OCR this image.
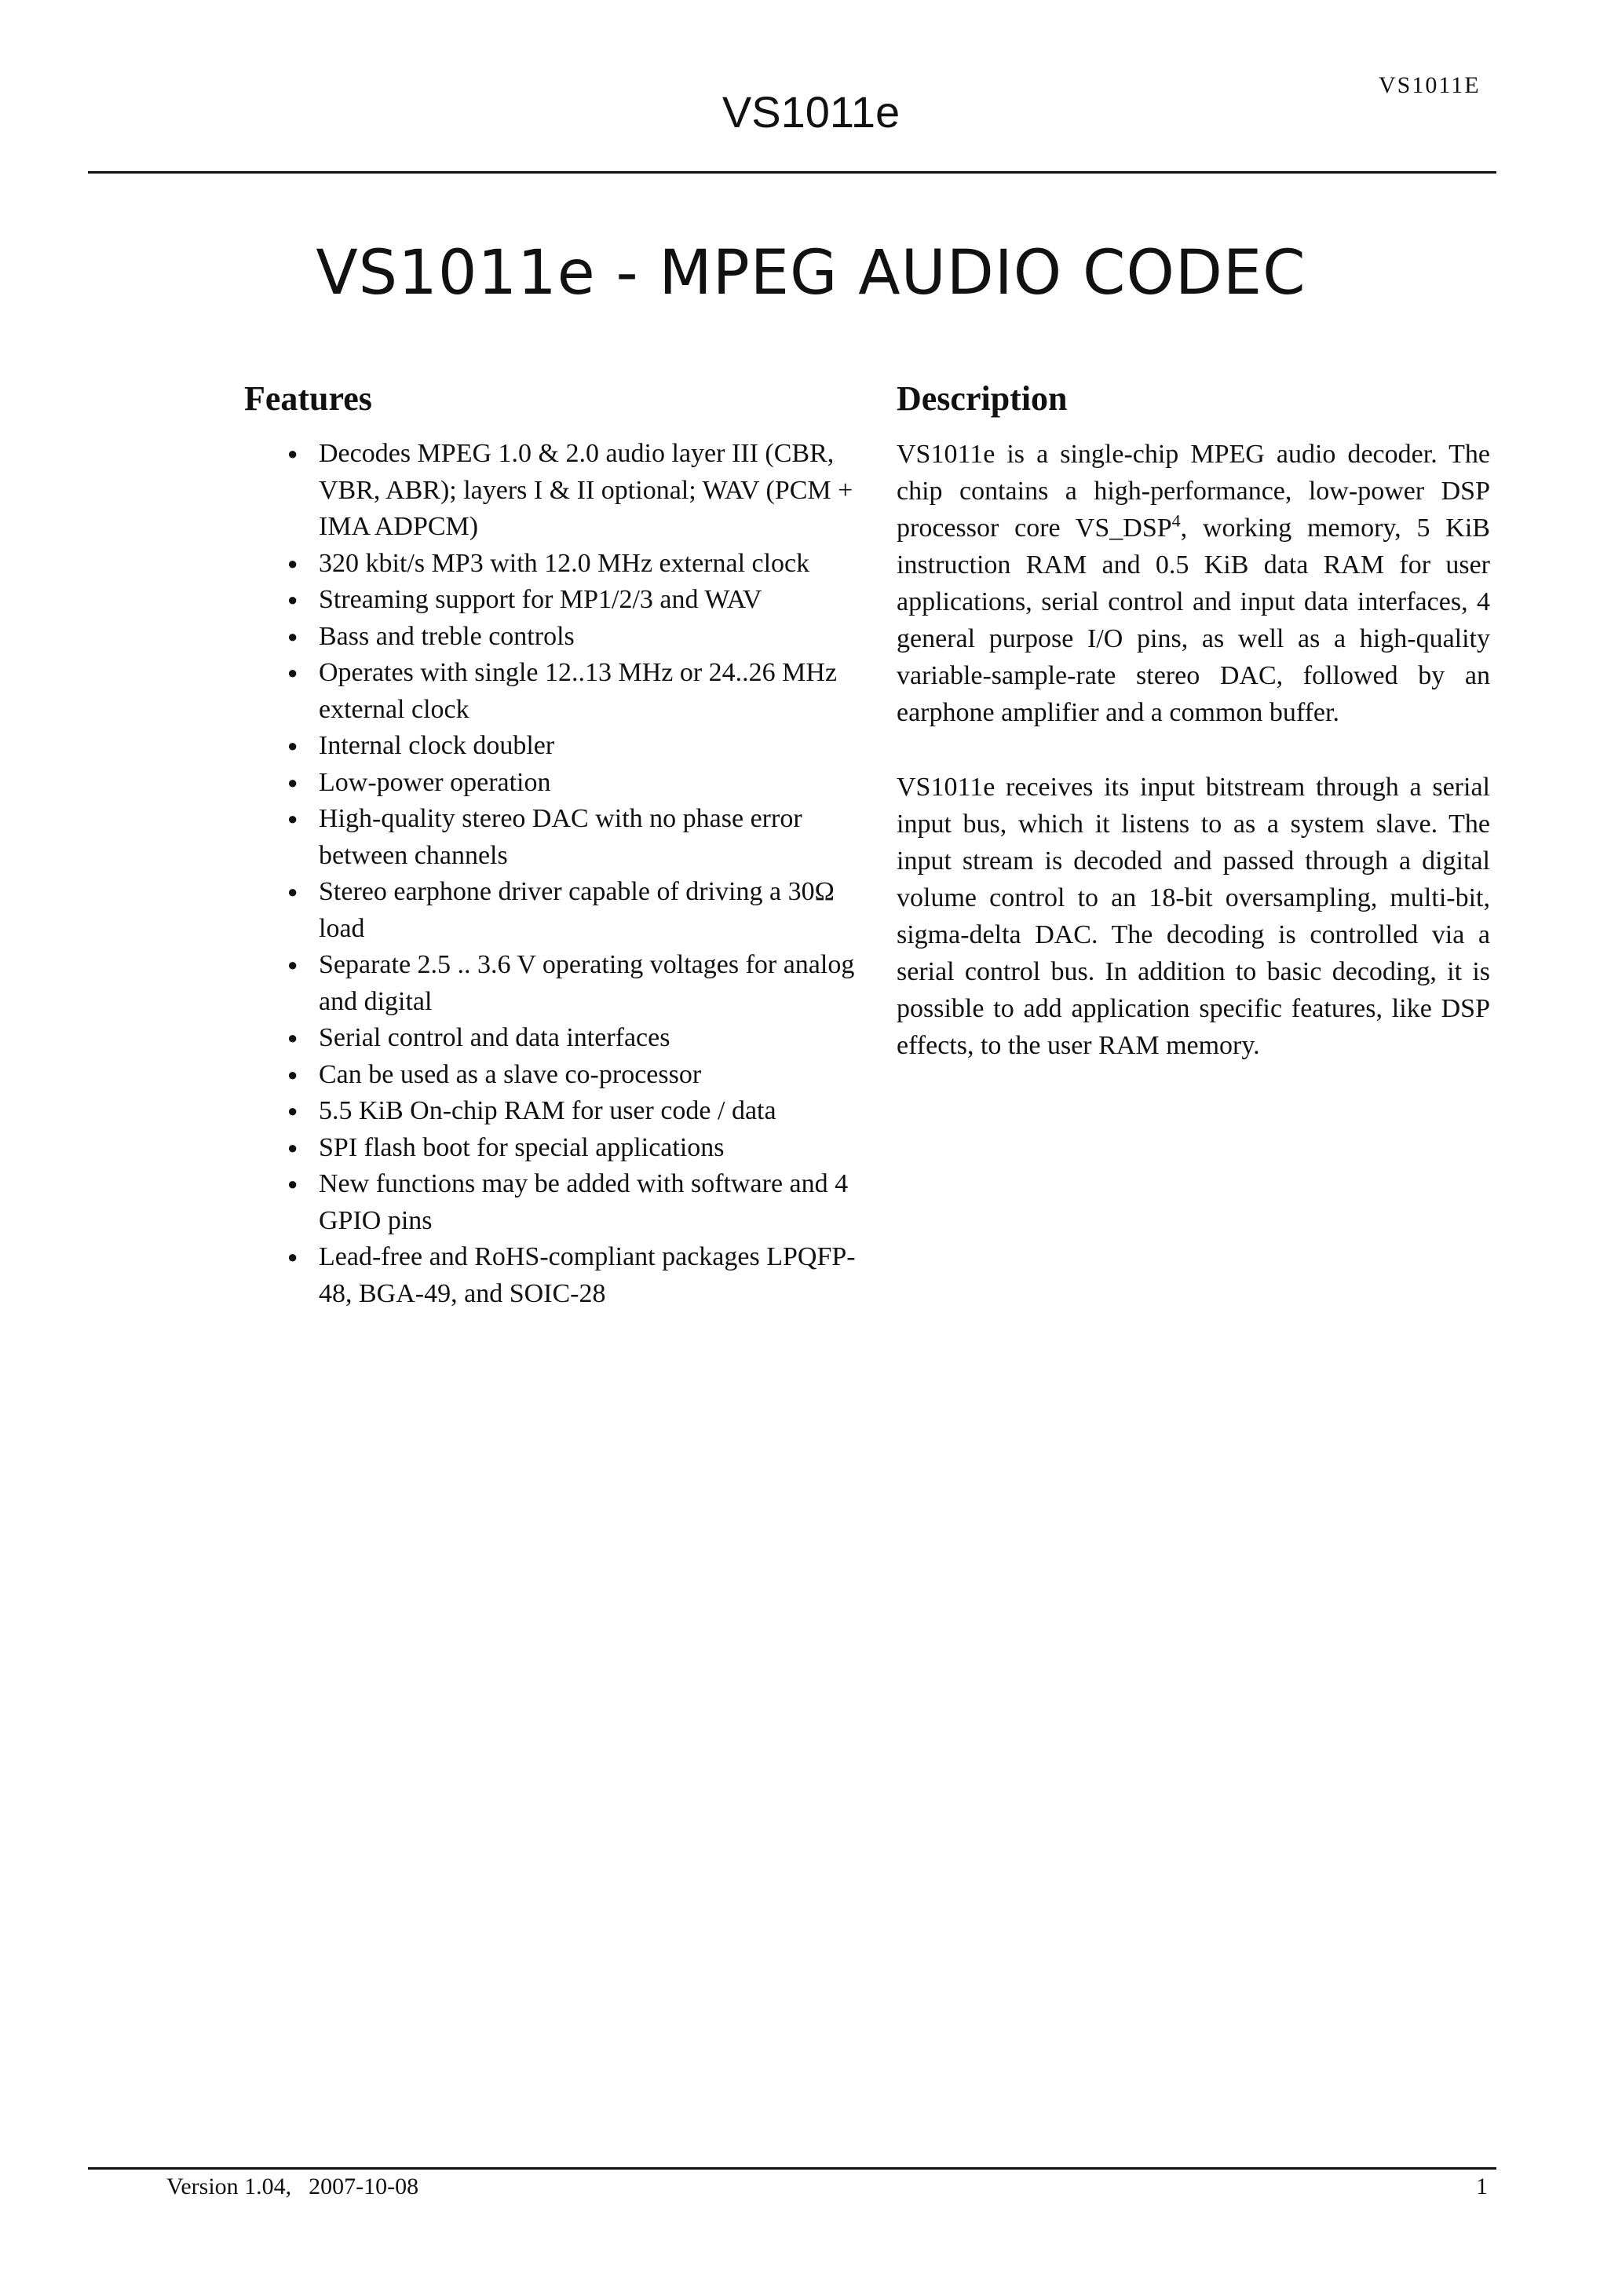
VS1011E
VS1011e
VS1011e - MPEG AUDIO CODEC
Features
● Decodes MPEG 1.0 & 2.0 audio layer III (CBR, VBR, ABR); layers I & II optional; WAV (PCM + IMA ADPCM)
● 320 kbit/s MP3 with 12.0 MHz external clock
● Streaming support for MP1/2/3 and WAV
● Bass and treble controls
● Operates with single 12..13 MHz or 24..26 MHz external clock
● Internal clock doubler
● Low-power operation
● High-quality stereo DAC with no phase error between channels
● Stereo earphone driver capable of driving a 30Ω load
● Separate 2.5 .. 3.6 V operating voltages for analog and digital
● Serial control and data interfaces
● Can be used as a slave co-processor
● 5.5 KiB On-chip RAM for user code / data
● SPI flash boot for special applications
● New functions may be added with software and 4 GPIO pins
● Lead-free and RoHS-compliant packages LPQFP-48, BGA-49, and SOIC-28
Description

VS1011e is a single-chip MPEG audio decoder. The chip contains a high-performance, low-power DSP processor core VS_DSP$^4$, working memory, 5 KiB instruction RAM and 0.5 KiB data RAM for user applications, serial control and input data interfaces, 4 general purpose I/O pins, as well as a high-quality variable-sample-rate stereo DAC, followed by an earphone amplifier and a common buffer.

VS1011e receives its input bitstream through a serial input bus, which it listens to as a system slave. The input stream is decoded and passed through a digital volume control to an 18-bit oversampling, multi-bit, sigma-delta DAC. The decoding is controlled via a serial control bus. In addition to basic decoding, it is possible to add application specific features, like DSP effects, to the user RAM memory.

Version 1.04, 2007-10-08	1
